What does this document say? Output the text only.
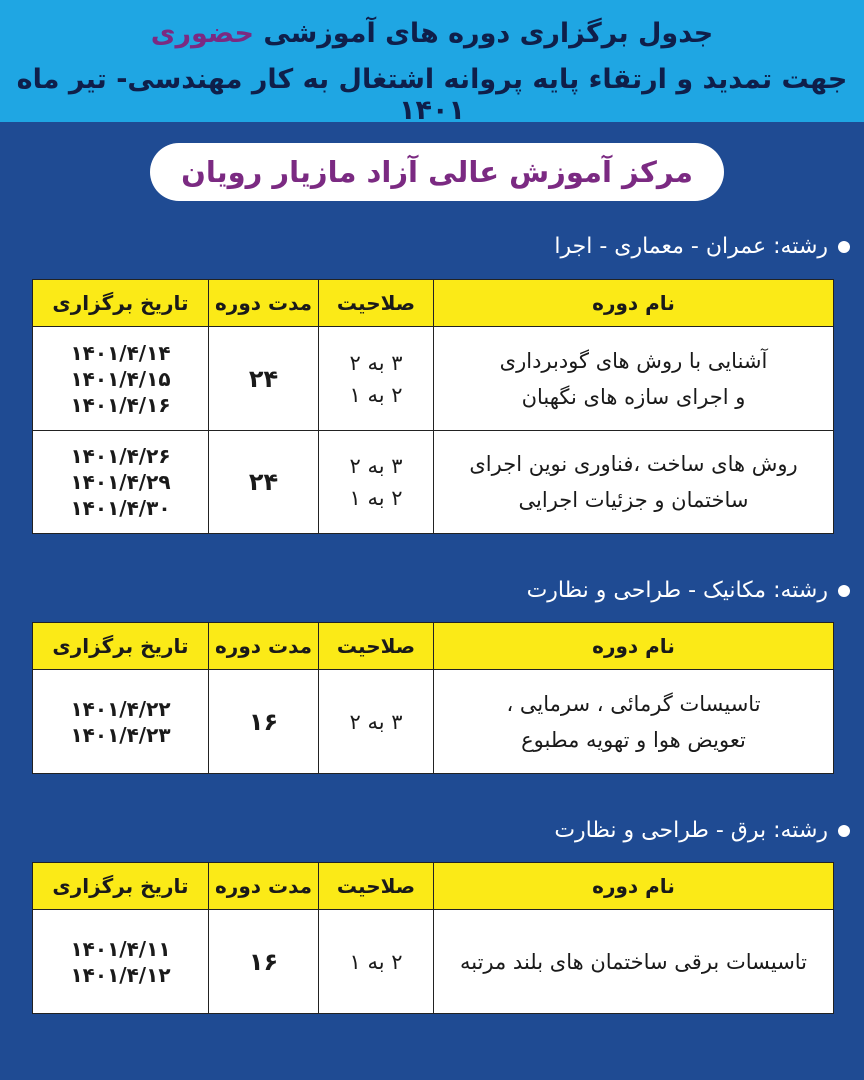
جدول برگزاری دوره های آموزشی حضوری
جهت تمدید و ارتقاء پایه پروانه اشتغال به کار مهندسی- تیر ماه ۱۴۰۱
مرکز آموزش عالی آزاد مازیار رویان
رشته: عمران - معماری - اجرا
نام دوره
صلاحیت
مدت دوره
تاریخ برگزاری
آشنایی با روش های گودبرداری
و اجرای سازه های نگهبان
۳ به ۲
۲ به ۱
۲۴
۱۴۰۱/۴/۱۴
۱۴۰۱/۴/۱۵
۱۴۰۱/۴/۱۶
روش های ساخت ،فناوری نوین اجرای
ساختمان و جزئیات اجرایی
۳ به ۲
۲ به ۱
۲۴
۱۴۰۱/۴/۲۶
۱۴۰۱/۴/۲۹
۱۴۰۱/۴/۳۰
رشته: مکانیک - طراحی و نظارت
نام دوره
صلاحیت
مدت دوره
تاریخ برگزاری
تاسیسات گرمائی ، سرمایی ،
تعویض هوا و تهویه مطبوع
۳ به ۲
۱۶
۱۴۰۱/۴/۲۲
۱۴۰۱/۴/۲۳
رشته: برق - طراحی و نظارت
نام دوره
صلاحیت
مدت دوره
تاریخ برگزاری
تاسیسات برقی ساختمان های بلند مرتبه
۲ به ۱
۱۶
۱۴۰۱/۴/۱۱
۱۴۰۱/۴/۱۲
